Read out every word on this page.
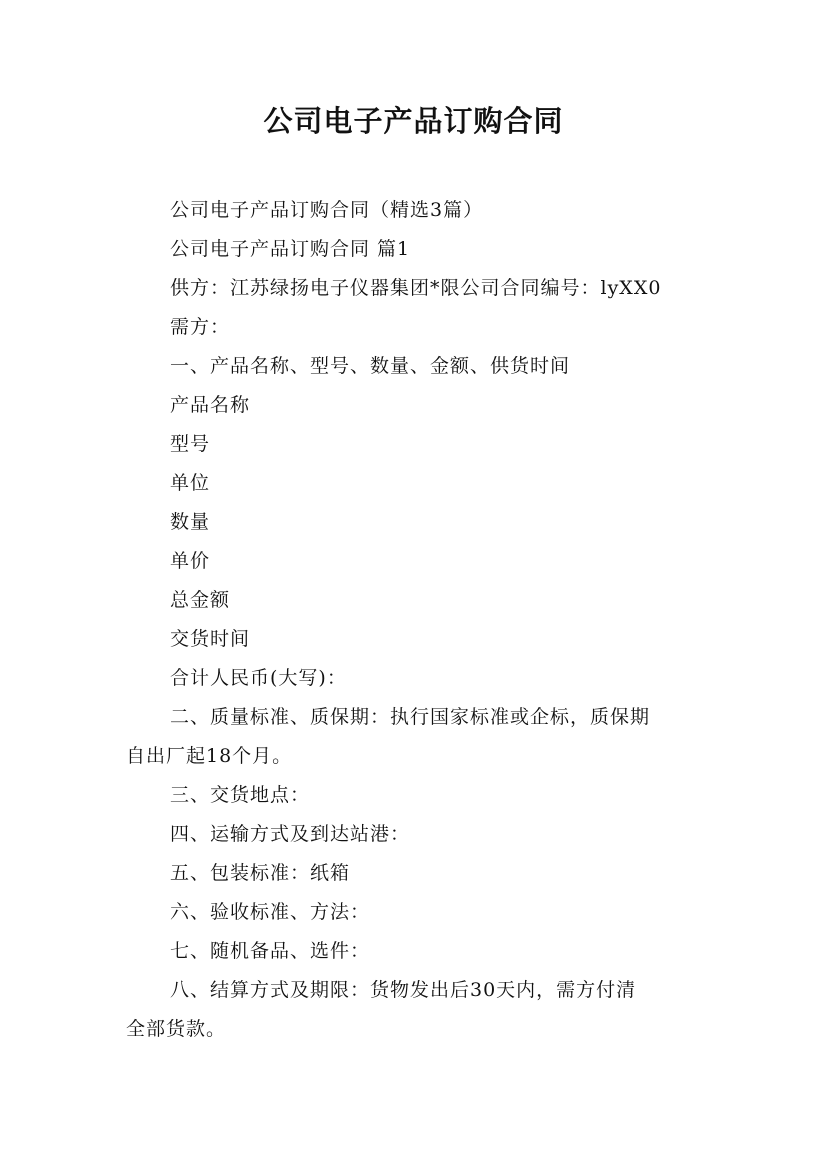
公司电子产品订购合同
公司电子产品订购合同（精选3篇）
公司电子产品订购合同 篇1
供方：江苏绿扬电子仪器集团*限公司合同编号：lyXX0
需方：
一、产品名称、型号、数量、金额、供货时间
产品名称
型号
单位
数量
单价
总金额
交货时间
合计人民币(大写)：
二、质量标准、质保期：执行国家标准或企标，质保期
自出厂起18个月。
三、交货地点：
四、运输方式及到达站港：
五、包装标准：纸箱
六、验收标准、方法：
七、随机备品、选件：
八、结算方式及期限：货物发出后30天内，需方付清
全部货款。
